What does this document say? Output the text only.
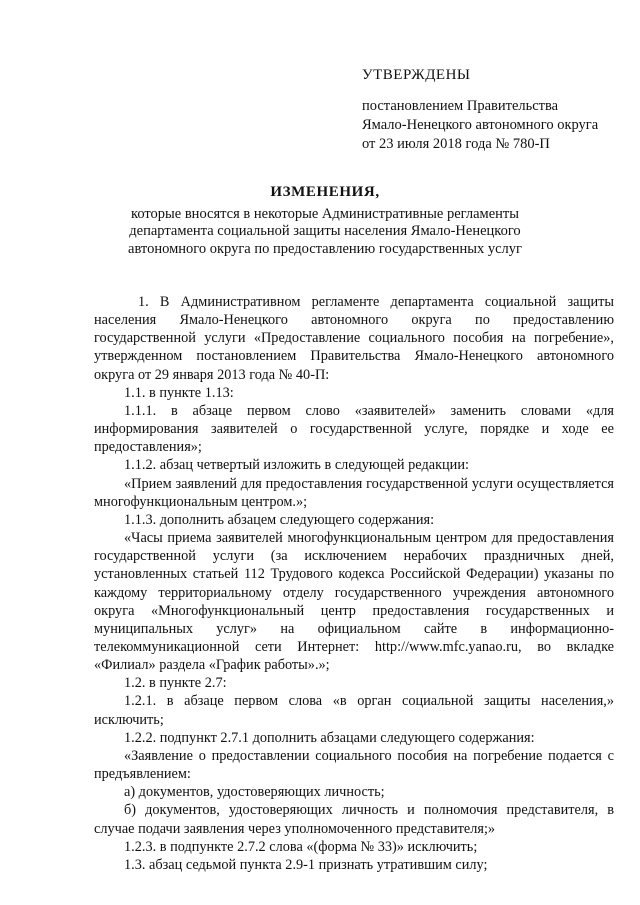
УТВЕРЖДЕНЫ
постановлением Правительства
Ямало-Ненецкого автономного округа
от 23 июля 2018 года № 780-П
ИЗМЕНЕНИЯ,
которые вносятся в некоторые Административные регламенты
департамента социальной защиты населения Ямало-Ненецкого
автономного округа по предоставлению государственных услуг

1. В Административном регламенте департамента социальной защиты населения Ямало-Ненецкого автономного округа по предоставлению государственной услуги «Предоставление социального пособия на погребение», утвержденном постановлением Правительства Ямало-Ненецкого автономного округа от 29 января 2013 года № 40-П:

1.1. в пункте 1.13:

1.1.1. в абзаце первом слово «заявителей» заменить словами «для информирования заявителей о государственной услуге, порядке и ходе ее предоставления»;

1.1.2. абзац четвертый изложить в следующей редакции:

«Прием заявлений для предоставления государственной услуги осуществляется многофункциональным центром.»;

1.1.3. дополнить абзацем следующего содержания:

«Часы приема заявителей многофункциональным центром для предоставления государственной услуги (за исключением нерабочих праздничных дней, установленных статьей 112 Трудового кодекса Российской Федерации) указаны по каждому территориальному отделу государственного учреждения автономного округа «Многофункциональный центр предоставления государственных и муниципальных услуг» на официальном сайте в информационно-телекоммуникационной сети Интернет: http://www.mfc.yanao.ru, во вкладке «Филиал» раздела «График работы».»;

1.2. в пункте 2.7:

1.2.1. в абзаце первом слова «в орган социальной защиты населения,» исключить;

1.2.2. подпункт 2.7.1 дополнить абзацами следующего содержания:

«Заявление о предоставлении социального пособия на погребение подается с предъявлением:

а) документов, удостоверяющих личность;

б) документов, удостоверяющих личность и полномочия представителя, в случае подачи заявления через уполномоченного представителя;»

1.2.3. в подпункте 2.7.2 слова «(форма № 33)» исключить;

1.3. абзац седьмой пункта 2.9-1 признать утратившим силу;
